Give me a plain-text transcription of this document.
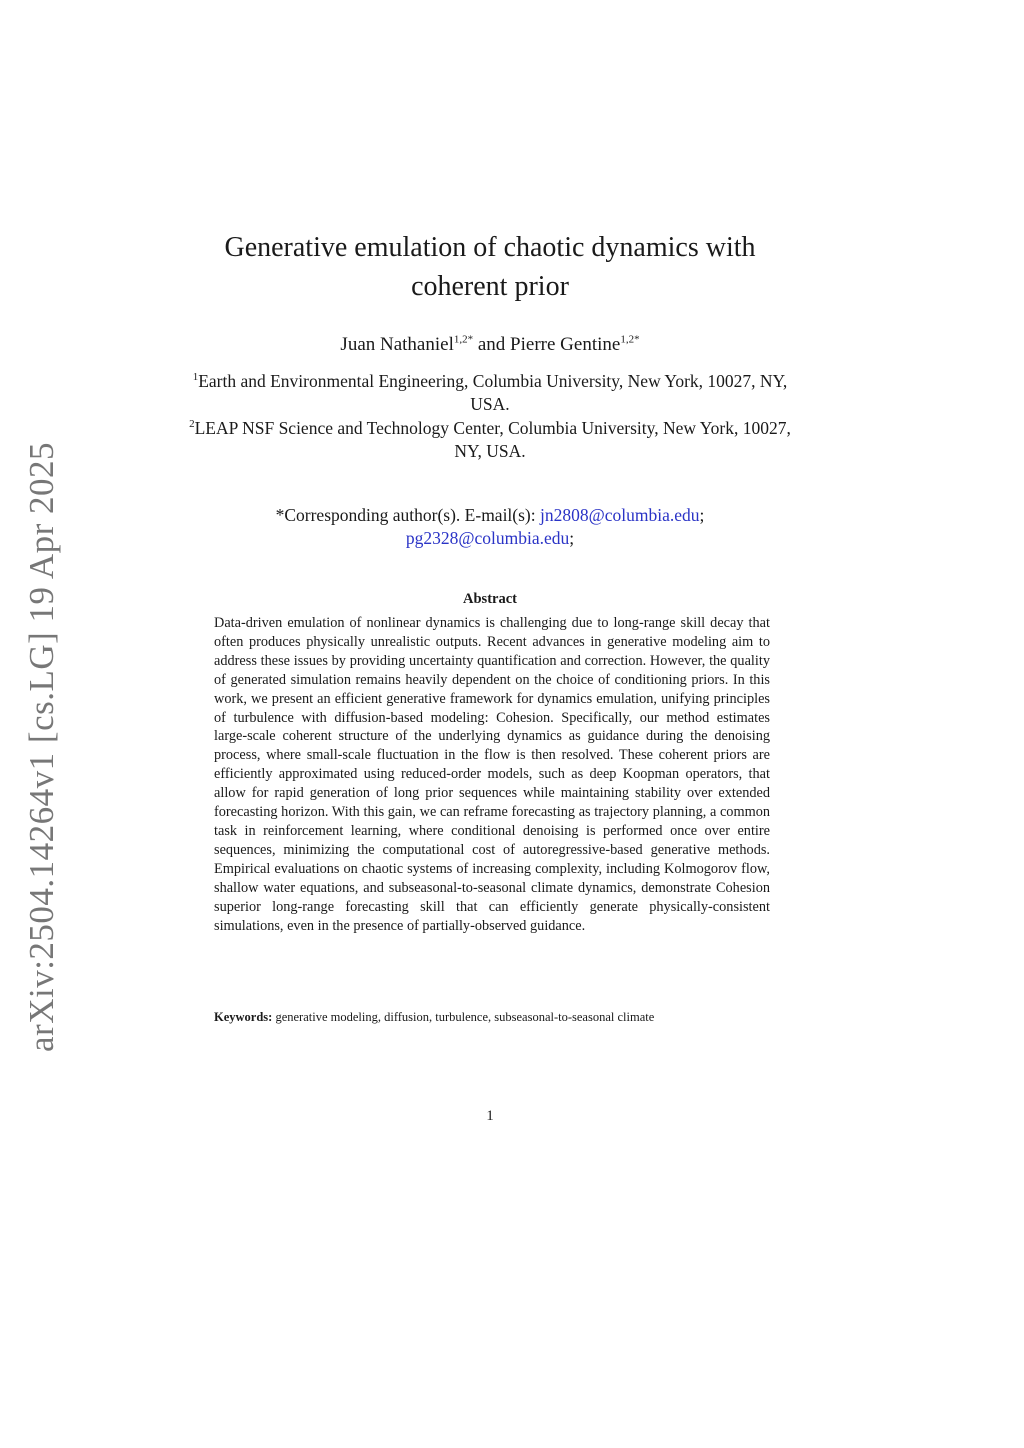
arXiv:2504.14264v1 [cs.LG] 19 Apr 2025
Generative emulation of chaotic dynamics with coherent prior
Juan Nathaniel$^{1,2*}$ and Pierre Gentine$^{1,2*}$
$^1$Earth and Environmental Engineering, Columbia University, New York, 10027, NY, USA.
$^2$LEAP NSF Science and Technology Center, Columbia University, New York, 10027, NY, USA.
*Corresponding author(s). E-mail(s): jn2808@columbia.edu;
pg2328@columbia.edu;
Abstract

Data-driven emulation of nonlinear dynamics is challenging due to long-range skill decay that often produces physically unrealistic outputs. Recent advances in generative modeling aim to address these issues by providing uncertainty quantification and correction. However, the quality of generated simulation remains heavily dependent on the choice of conditioning priors. In this work, we present an efficient generative framework for dynamics emulation, unifying principles of turbulence with diffusion-based modeling: Cohesion. Specifically, our method estimates large-scale coherent structure of the underlying dynamics as guidance during the denoising process, where small-scale fluctuation in the flow is then resolved. These coherent priors are efficiently approximated using reduced-order models, such as deep Koopman operators, that allow for rapid generation of long prior sequences while maintaining stability over extended forecasting horizon. With this gain, we can reframe forecasting as trajectory planning, a common task in reinforcement learning, where conditional denoising is performed once over entire sequences, minimizing the computational cost of autoregressive-based generative methods. Empirical evaluations on chaotic systems of increasing complexity, including Kolmogorov flow, shallow water equations, and subseasonal-to-seasonal climate dynamics, demonstrate Cohesion superior long-range forecasting skill that can efficiently generate physically-consistent simulations, even in the presence of partially-observed guidance.

Keywords: generative modeling, diffusion, turbulence, subseasonal-to-seasonal climate
1
